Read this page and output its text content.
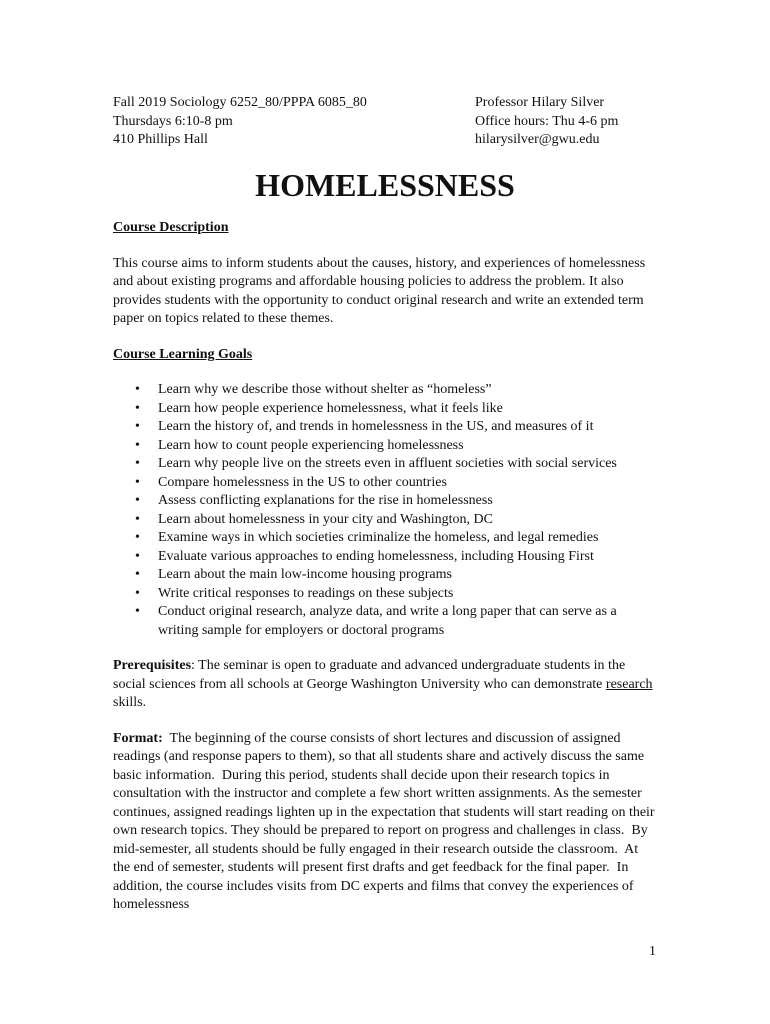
Fall 2019 Sociology 6252_80/PPPA 6085_80
Thursdays 6:10-8 pm
410 Phillips Hall
Professor Hilary Silver
Office hours: Thu 4-6 pm
hilarysilver@gwu.edu
HOMELESSNESS
Course Description

This course aims to inform students about the causes, history, and experiences of homelessness and about existing programs and affordable housing policies to address the problem. It also provides students with the opportunity to conduct original research and write an extended term paper on topics related to these themes.

Course Learning Goals
• Learn why we describe those without shelter as “homeless”
• Learn how people experience homelessness, what it feels like
• Learn the history of, and trends in homelessness in the US, and measures of it
• Learn how to count people experiencing homelessness
• Learn why people live on the streets even in affluent societies with social services
• Compare homelessness in the US to other countries
• Assess conflicting explanations for the rise in homelessness
• Learn about homelessness in your city and Washington, DC
• Examine ways in which societies criminalize the homeless, and legal remedies
• Evaluate various approaches to ending homelessness, including Housing First
• Learn about the main low-income housing programs
• Write critical responses to readings on these subjects
• Conduct original research, analyze data, and write a long paper that can serve as a writing sample for employers or doctoral programs

Prerequisites: The seminar is open to graduate and advanced undergraduate students in the social sciences from all schools at George Washington University who can demonstrate research skills.

Format:  The beginning of the course consists of short lectures and discussion of assigned readings (and response papers to them), so that all students share and actively discuss the same basic information.  During this period, students shall decide upon their research topics in consultation with the instructor and complete a few short written assignments. As the semester continues, assigned readings lighten up in the expectation that students will start reading on their own research topics. They should be prepared to report on progress and challenges in class.  By mid-semester, all students should be fully engaged in their research outside the classroom.  At the end of semester, students will present first drafts and get feedback for the final paper.  In addition, the course includes visits from DC experts and films that convey the experiences of homelessness

1
